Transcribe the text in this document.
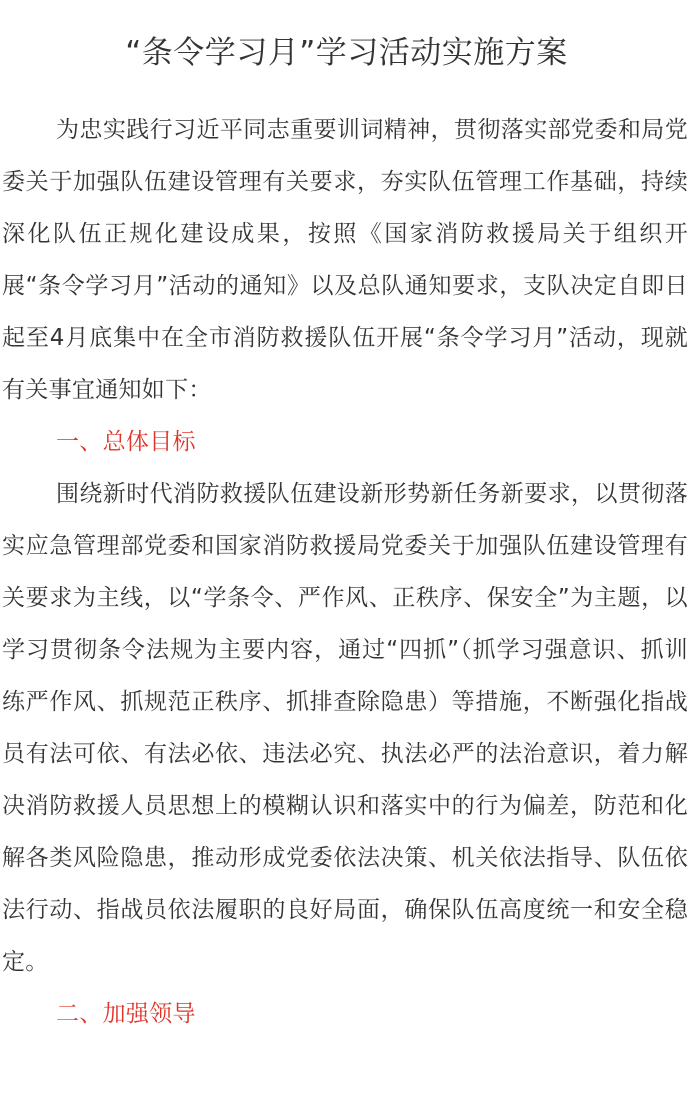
“条令学习月”学习活动实施方案

为忠实践行习近平同志重要训词精神，贯彻落实部党委和局党委关于加强队伍建设管理有关要求，夯实队伍管理工作基础，持续深化队伍正规化建设成果，按照《国家消防救援局关于组织开展“条令学习月”活动的通知》以及总队通知要求，支队决定自即日起至4月底集中在全市消防救援队伍开展“条令学习月”活动，现就有关事宜通知如下：

一、总体目标

围绕新时代消防救援队伍建设新形势新任务新要求，以贯彻落实应急管理部党委和国家消防救援局党委关于加强队伍建设管理有关要求为主线，以“学条令、严作风、正秩序、保安全”为主题，以学习贯彻条令法规为主要内容，通过“四抓”（抓学习强意识、抓训练严作风、抓规范正秩序、抓排查除隐患）等措施，不断强化指战员有法可依、有法必依、违法必究、执法必严的法治意识，着力解决消防救援人员思想上的模糊认识和落实中的行为偏差，防范和化解各类风险隐患，推动形成党委依法决策、机关依法指导、队伍依法行动、指战员依法履职的良好局面，确保队伍高度统一和安全稳定。

二、加强领导
